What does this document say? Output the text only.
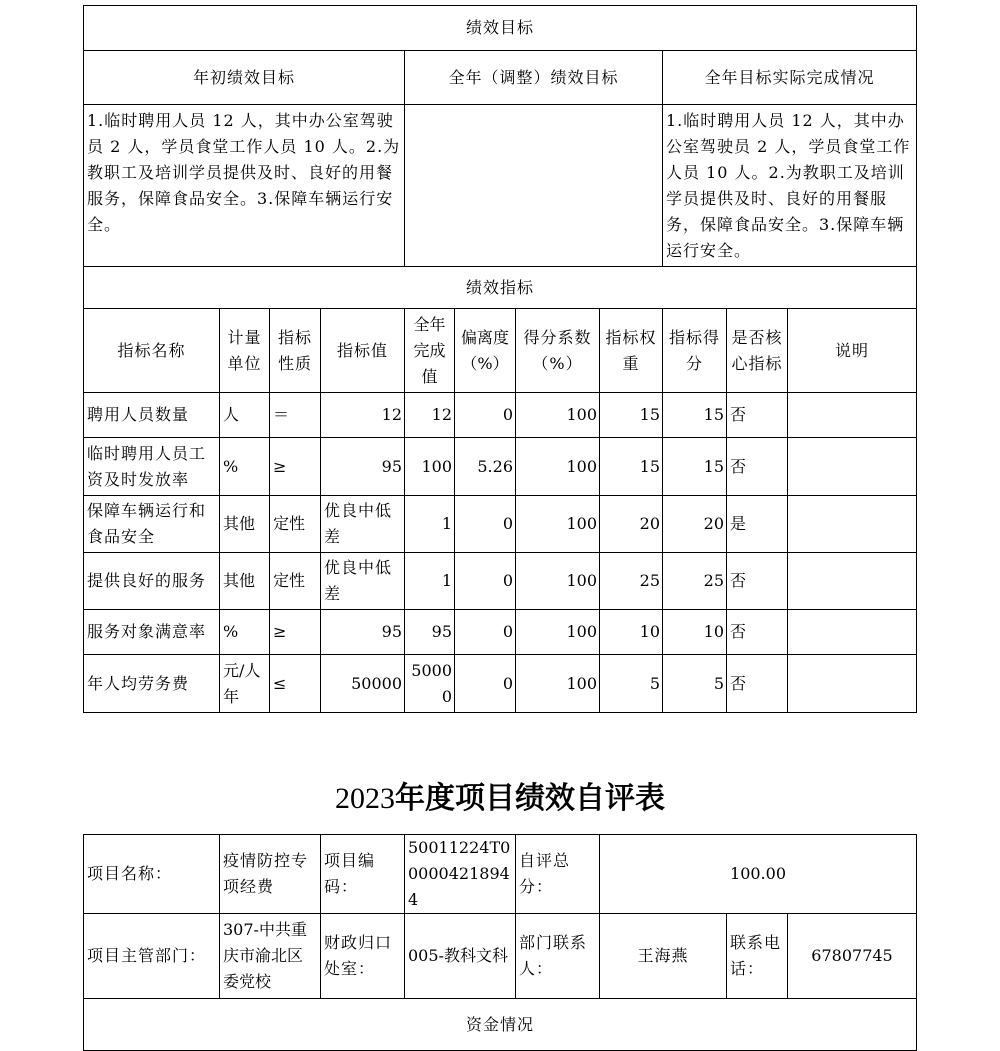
绩效目标										
年初绩效目标				全年（调整）绩效目标				全年目标实际完成情况		
1.临时聘用人员 12 人，其中办公室驾驶员 2 人，学员食堂工作人员 10 人。2.为教职工及培训学员提供及时、良好的用餐服务，保障食品安全。3.保障车辆运行安全。								1.临时聘用人员 12 人，其中办公室驾驶员 2 人，学员食堂工作人员 10 人。2.为教职工及培训学员提供及时、良好的用餐服务，保障食品安全。3.保障车辆运行安全。		
绩效指标										
指标名称	计量单位	指标性质	指标值	全年完成值	偏离度（%）	得分系数（%）	指标权重	指标得分	是否核心指标	说明
聘用人员数量	人	＝	12	12	0	100	15	15	否	
临时聘用人员工资及时发放率	%	≥	95	100	5.26	100	15	15	否	
保障车辆运行和食品安全	其他	定性	优良中低差	1	0	100	20	20	是	
提供良好的服务	其他	定性	优良中低差	1	0	100	25	25	否	
服务对象满意率	%	≥	95	95	0	100	10	10	否	
年人均劳务费	元/人年	≤	50000	50000	0	100	5	5	否	
2023年度项目绩效自评表
项目名称：	疫情防控专项经费	项目编码：	50011224T000004218944	自评总分：	100.00		
项目主管部门：	307-中共重庆市渝北区委党校	财政归口处室：	005-教科文科	部门联系人：	王海燕	联系电话：	67807745
资金情况							
